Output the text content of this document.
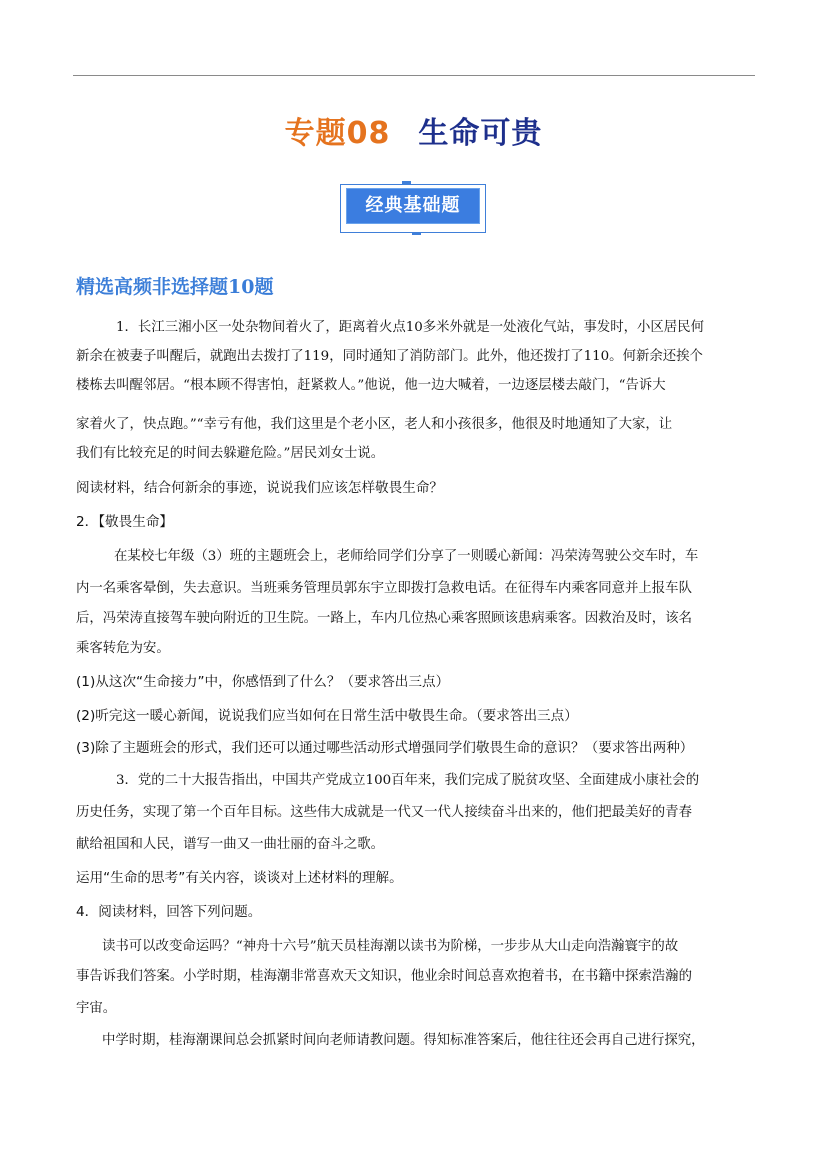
专题08 生命可贵
经典基础题
精选高频非选择题10题
1．长江三湘小区一处杂物间着火了，距离着火点10多米外就是一处液化气站，事发时，小区居民何
新余在被妻子叫醒后，就跑出去拨打了119，同时通知了消防部门。此外，他还拨打了110。何新余还挨个
楼栋去叫醒邻居。“根本顾不得害怕，赶紧救人。”他说，他一边大喊着，一边逐层楼去敲门，“告诉大
家着火了，快点跑。”“幸亏有他，我们这里是个老小区，老人和小孩很多，他很及时地通知了大家，让
我们有比较充足的时间去躲避危险。”居民刘女士说。
阅读材料，结合何新余的事迹，说说我们应该怎样敬畏生命？
2．【敬畏生命】
在某校七年级（3）班的主题班会上，老师给同学们分享了一则暖心新闻：冯荣涛驾驶公交车时，车
内一名乘客晕倒，失去意识。当班乘务管理员郭东宇立即拨打急救电话。在征得车内乘客同意并上报车队
后，冯荣涛直接驾车驶向附近的卫生院。一路上，车内几位热心乘客照顾该患病乘客。因救治及时，该名
乘客转危为安。
(1)从这次“生命接力”中，你感悟到了什么？（要求答出三点）
(2)听完这一暖心新闻，说说我们应当如何在日常生活中敬畏生命。（要求答出三点）
(3)除了主题班会的形式，我们还可以通过哪些活动形式增强同学们敬畏生命的意识？（要求答出两种）
3．党的二十大报告指出，中国共产党成立100百年来，我们完成了脱贫攻坚、全面建成小康社会的
历史任务，实现了第一个百年目标。这些伟大成就是一代又一代人接续奋斗出来的，他们把最美好的青春
献给祖国和人民，谱写一曲又一曲壮丽的奋斗之歌。
运用“生命的思考”有关内容，谈谈对上述材料的理解。
4．阅读材料，回答下列问题。
读书可以改变命运吗？“神舟十六号”航天员桂海潮以读书为阶梯，一步步从大山走向浩瀚寰宇的故
事告诉我们答案。小学时期，桂海潮非常喜欢天文知识，他业余时间总喜欢抱着书，在书籍中探索浩瀚的
宇宙。
中学时期，桂海潮课间总会抓紧时间向老师请教问题。得知标准答案后，他往往还会再自己进行探究，
